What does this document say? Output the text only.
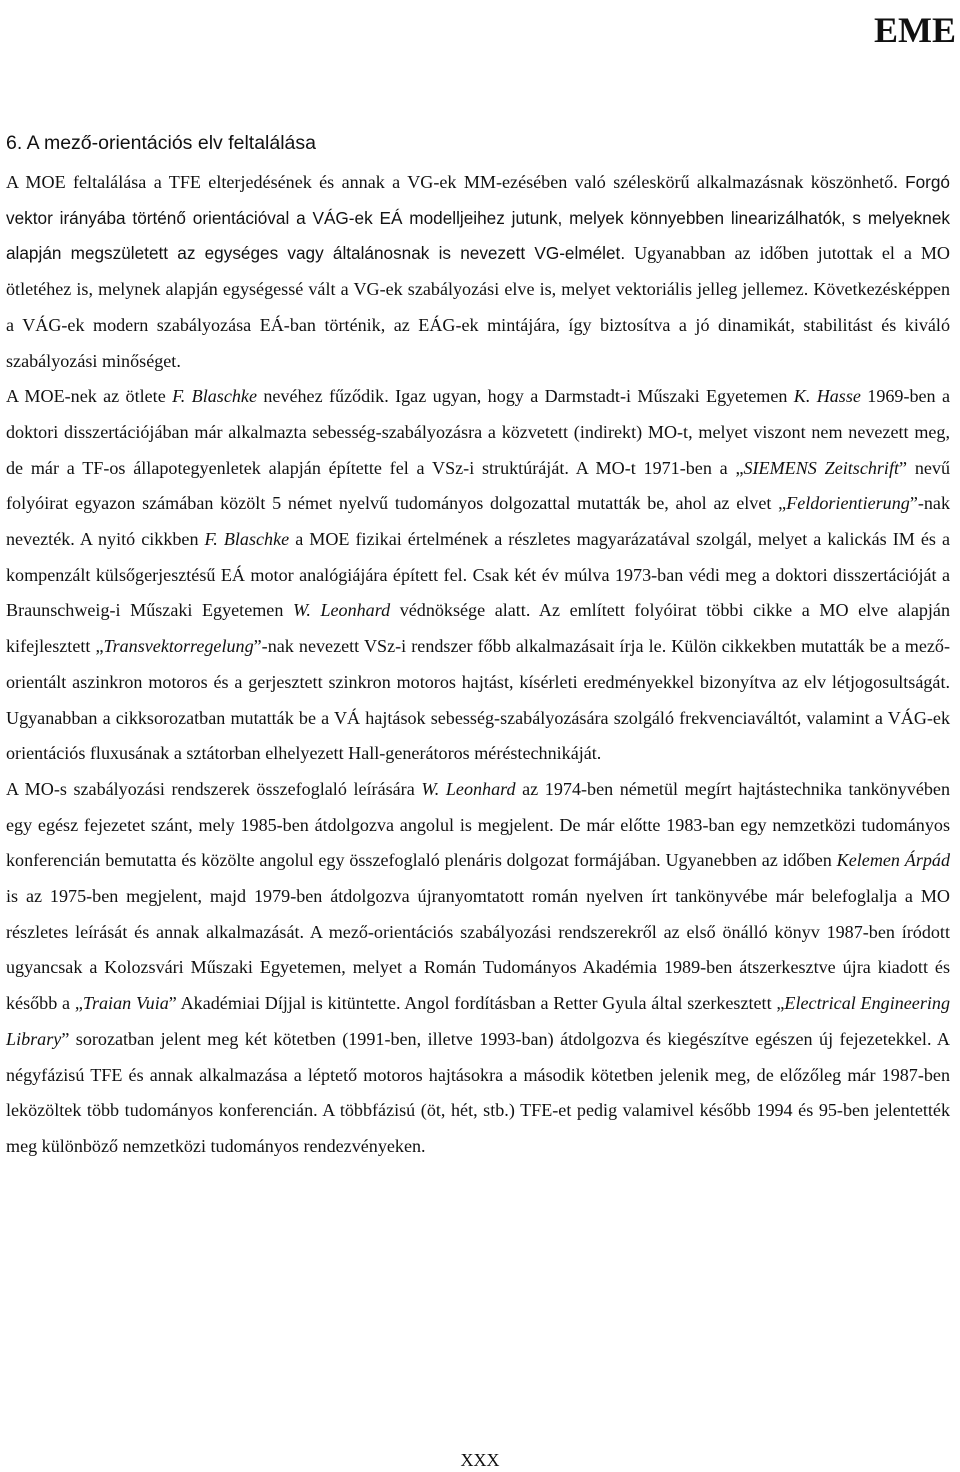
EME
6. A mező-orientációs elv feltalálása

A MOE feltalálása a TFE elterjedésének és annak a VG-ek MM-ezésében való széleskörű alkalmazásnak köszönhető. Forgó vektor irányába történő orientációval a VÁG-ek EÁ modelljeihez jutunk, melyek könnyebben linearizálhatók, s melyeknek alapján megszületett az egységes vagy általánosnak is nevezett VG-elmélet. Ugyanabban az időben jutottak el a MO ötletéhez is, melynek alapján egységessé vált a VG-ek szabályozási elve is, melyet vektoriális jelleg jellemez. Következésképpen a VÁG-ek modern szabályozása EÁ-ban történik, az EÁG-ek mintájára, így biztosítva a jó dinamikát, stabilitást és kiváló szabályozási minőséget.

A MOE-nek az ötlete F. Blaschke nevéhez fűződik. Igaz ugyan, hogy a Darmstadt-i Műszaki Egyetemen K. Hasse 1969-ben a doktori disszertációjában már alkalmazta sebesség-szabályozásra a közvetett (indirekt) MO-t, melyet viszont nem nevezett meg, de már a TF-os állapotegyenletek alapján építette fel a VSz-i struktúráját. A MO-t 1971-ben a „SIEMENS Zeitschrift” nevű folyóirat egyazon számában közölt 5 német nyelvű tudományos dolgozattal mutatták be, ahol az elvet „Feldorientierung”-nak nevezték. A nyitó cikkben F. Blaschke a MOE fizikai értelmének a részletes magyarázatával szolgál, melyet a kalickás IM és a kompenzált külsőgerjesztésű EÁ motor analógiájára épített fel. Csak két év múlva 1973-ban védi meg a doktori disszertációját a Braunschweig-i Műszaki Egyetemen W. Leonhard védnöksége alatt. Az említett folyóirat többi cikke a MO elve alapján kifejlesztett „Transvektorregelung”-nak nevezett VSz-i rendszer főbb alkalmazásait írja le. Külön cikkekben mutatták be a mező-orientált aszinkron motoros és a gerjesztett szinkron motoros hajtást, kísérleti eredményekkel bizonyítva az elv létjogosultságát. Ugyanabban a cikksorozatban mutatták be a VÁ hajtások sebesség-szabályozására szolgáló frekvenciaváltót, valamint a VÁG-ek orientációs fluxusának a sztátorban elhelyezett Hall-generátoros méréstechnikáját.

A MO-s szabályozási rendszerek összefoglaló leírására W. Leonhard az 1974-ben németül megírt hajtástechnika tankönyvében egy egész fejezetet szánt, mely 1985-ben átdolgozva angolul is megjelent. De már előtte 1983-ban egy nemzetközi tudományos konferencián bemutatta és közölte angolul egy összefoglaló plenáris dolgozat formájában. Ugyanebben az időben Kelemen Árpád is az 1975-ben megjelent, majd 1979-ben átdolgozva újranyomtatott román nyelven írt tankönyvébe már belefoglalja a MO részletes leírását és annak alkalmazását. A mező-orientációs szabályozási rendszerekről az első önálló könyv 1987-ben íródott ugyancsak a Kolozsvári Műszaki Egyetemen, melyet a Román Tudományos Akadémia 1989-ben átszerkesztve újra kiadott és később a „Traian Vuia” Akadémiai Díjjal is kitüntette. Angol fordításban a Retter Gyula által szerkesztett „Electrical Engineering Library” sorozatban jelent meg két kötetben (1991-ben, illetve 1993-ban) átdolgozva és kiegészítve egészen új fejezetekkel. A négyfázisú TFE és annak alkalmazása a léptető motoros hajtásokra a második kötetben jelenik meg, de előzőleg már 1987-ben leközöltek több tudományos konferencián. A többfázisú (öt, hét, stb.) TFE-et pedig valamivel később 1994 és 95-ben jelentették meg különböző nemzetközi tudományos rendezvényeken.

XXX
